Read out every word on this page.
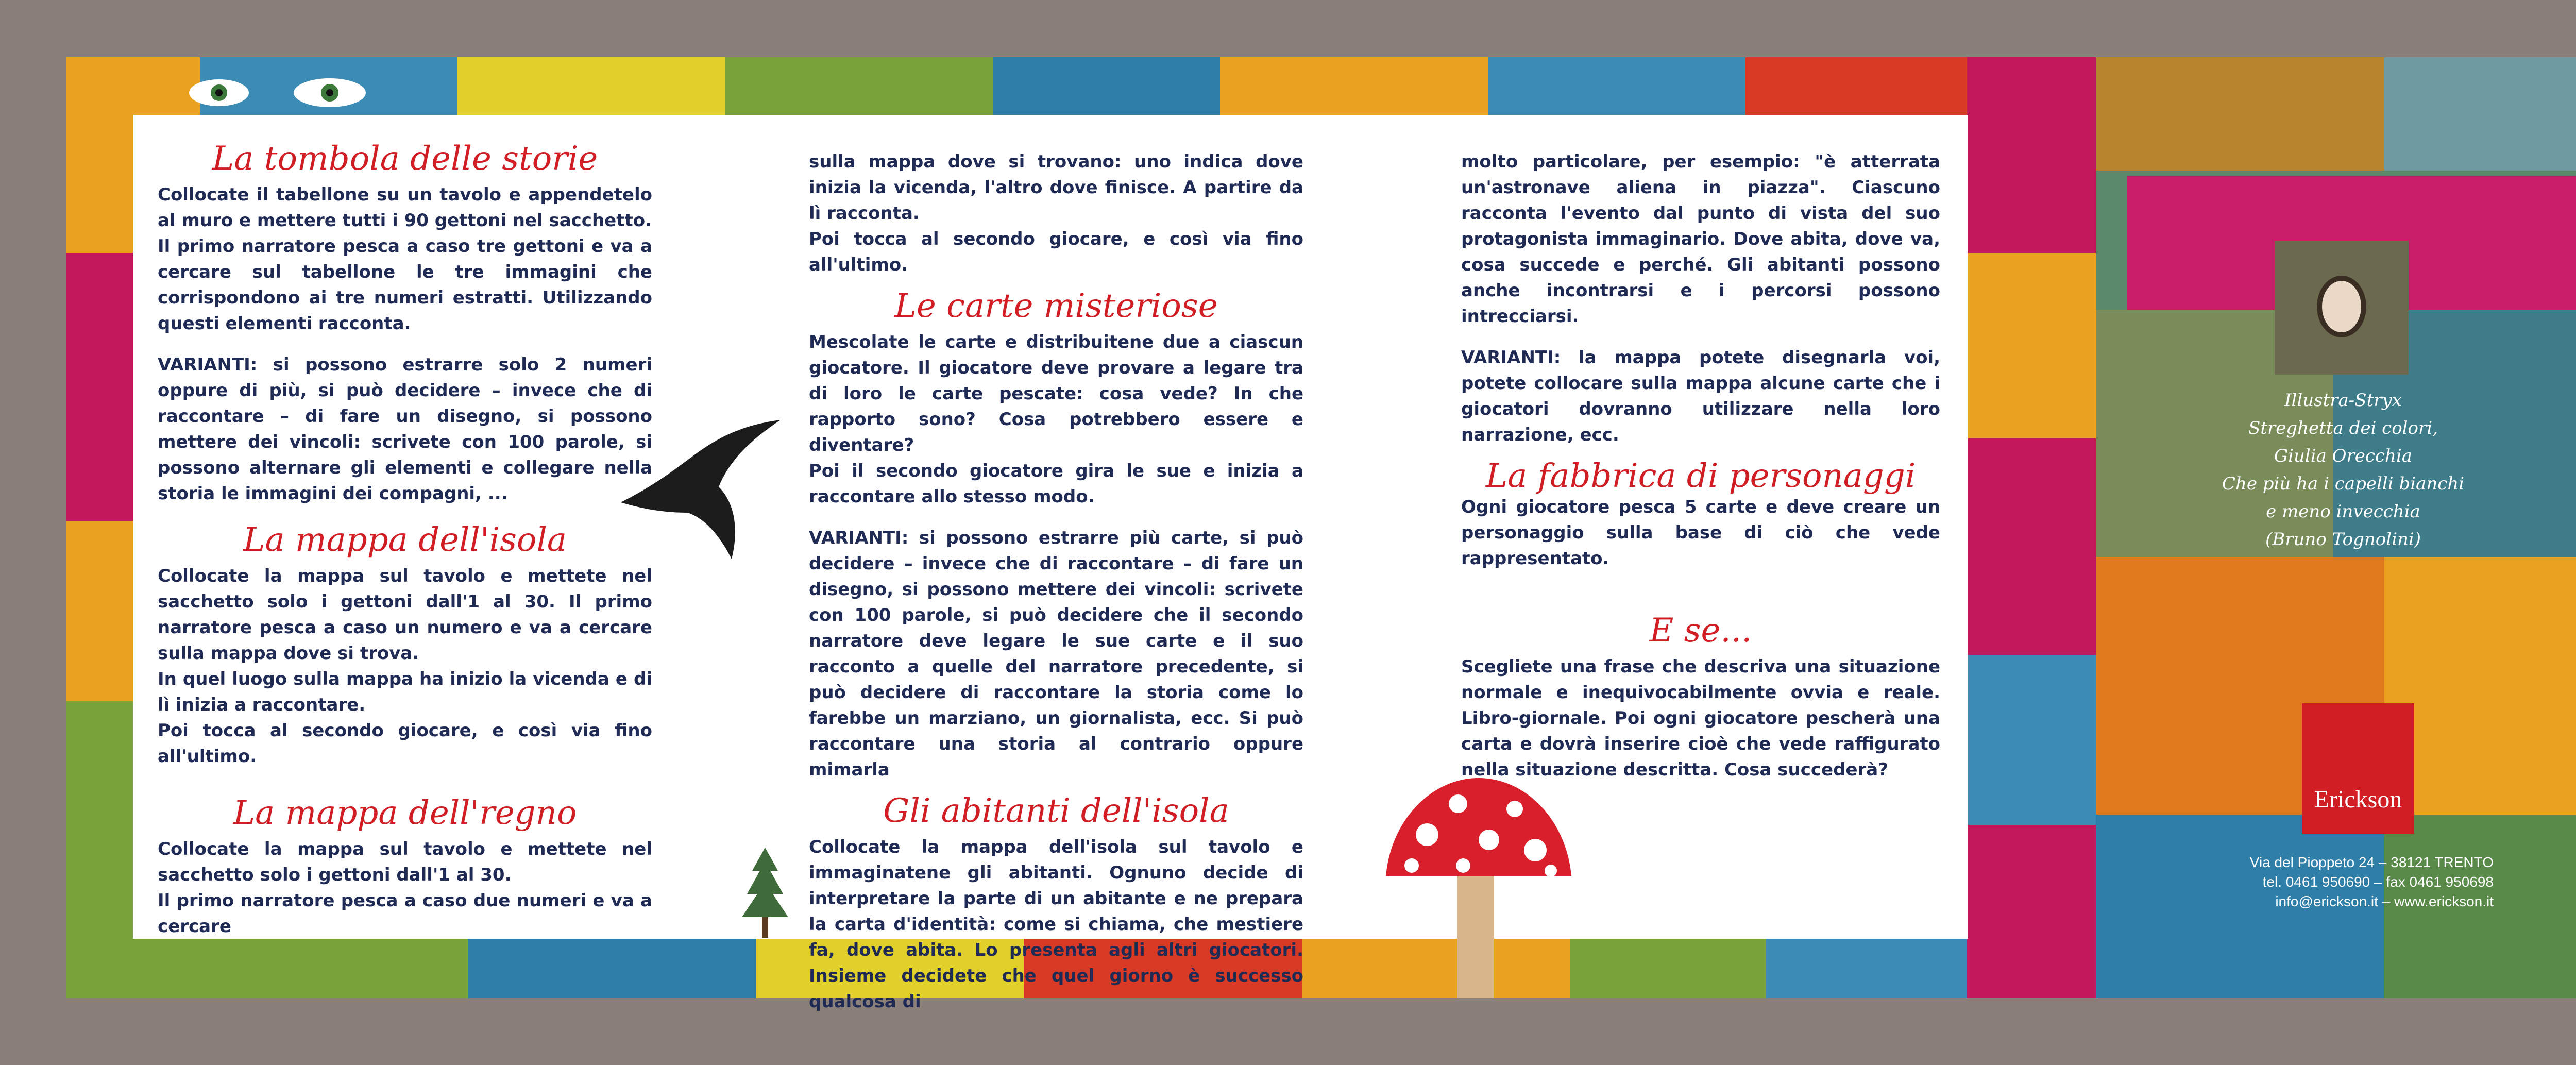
La tombola delle storie

Collocate il tabellone su un tavolo e appendetelo al muro e mettere tutti i 90 gettoni nel sacchetto.
Il primo narratore pesca a caso tre gettoni e va a cercare sul tabellone le tre immagini che corrispondono ai tre numeri estratti. Utilizzando questi elementi racconta.

VARIANTI: si possono estrarre solo 2 numeri oppure di più, si può decidere – invece che di raccontare – di fare un disegno, si possono mettere dei vincoli: scrivete con 100 parole, si possono alternare gli elementi e collegare nella storia le immagini dei compagni, ...

La mappa dell'isola

Collocate la mappa sul tavolo e mettete nel sacchetto solo i gettoni dall'1 al 30. Il primo narratore pesca a caso un numero e va a cercare sulla mappa dove si trova.
In quel luogo sulla mappa ha inizio la vicenda e di lì inizia a raccontare.
Poi tocca al secondo giocare, e così via fino all'ultimo.

La mappa dell'regno

Collocate la mappa sul tavolo e mettete nel sacchetto solo i gettoni dall'1 al 30.
Il primo narratore pesca a caso due numeri e va a cercare

sulla mappa dove si trovano: uno indica dove inizia la vicenda, l'altro dove finisce. A partire da lì racconta.
Poi tocca al secondo giocare, e così via fino all'ultimo.

Le carte misteriose

Mescolate le carte e distribuitene due a ciascun giocatore. Il giocatore deve provare a legare tra di loro le carte pescate: cosa vede? In che rapporto sono? Cosa potrebbero essere e diventare?
Poi il secondo giocatore gira le sue e inizia a raccontare allo stesso modo.

VARIANTI: si possono estrarre più carte, si può decidere – invece che di raccontare – di fare un disegno, si possono mettere dei vincoli: scrivete con 100 parole, si può decidere che il secondo narratore deve legare le sue carte e il suo racconto a quelle del narratore precedente, si può decidere di raccontare la storia come lo farebbe un marziano, un giornalista, ecc. Si può raccontare una storia al contrario oppure mimarla

Gli abitanti dell'isola

Collocate la mappa dell'isola sul tavolo e immaginatene gli abitanti. Ognuno decide di interpretare la parte di un abitante e ne prepara la carta d'identità: come si chiama, che mestiere fa, dove abita. Lo presenta agli altri giocatori. Insieme decidete che quel giorno è successo qualcosa di

molto particolare, per esempio: "è atterrata un'astronave aliena in piazza". Ciascuno racconta l'evento dal punto di vista del suo protagonista immaginario. Dove abita, dove va, cosa succede e perché. Gli abitanti possono anche incontrarsi e i percorsi possono intrecciarsi.

VARIANTI: la mappa potete disegnarla voi, potete collocare sulla mappa alcune carte che i giocatori dovranno utilizzare nella loro narrazione, ecc.

La fabbrica di personaggi

Ogni giocatore pesca 5 carte e deve creare un personaggio sulla base di ciò che vede rappresentato.

E se...

Scegliete una frase che descriva una situazione normale e inequivocabilmente ovvia e reale. Libro-giornale. Poi ogni giocatore pescherà una carta e dovrà inserire cioè che vede raffigurato nella situazione descritta. Cosa succederà?

Illustra-Stryx
Streghetta dei colori,
Giulia Orecchia
Che più ha i capelli bianchi
e meno invecchia
(Bruno Tognolini)
Erickson
Via del Pioppeto 24 – 38121 TRENTO
tel. 0461 950690 – fax 0461 950698
info@erickson.it – www.erickson.it
